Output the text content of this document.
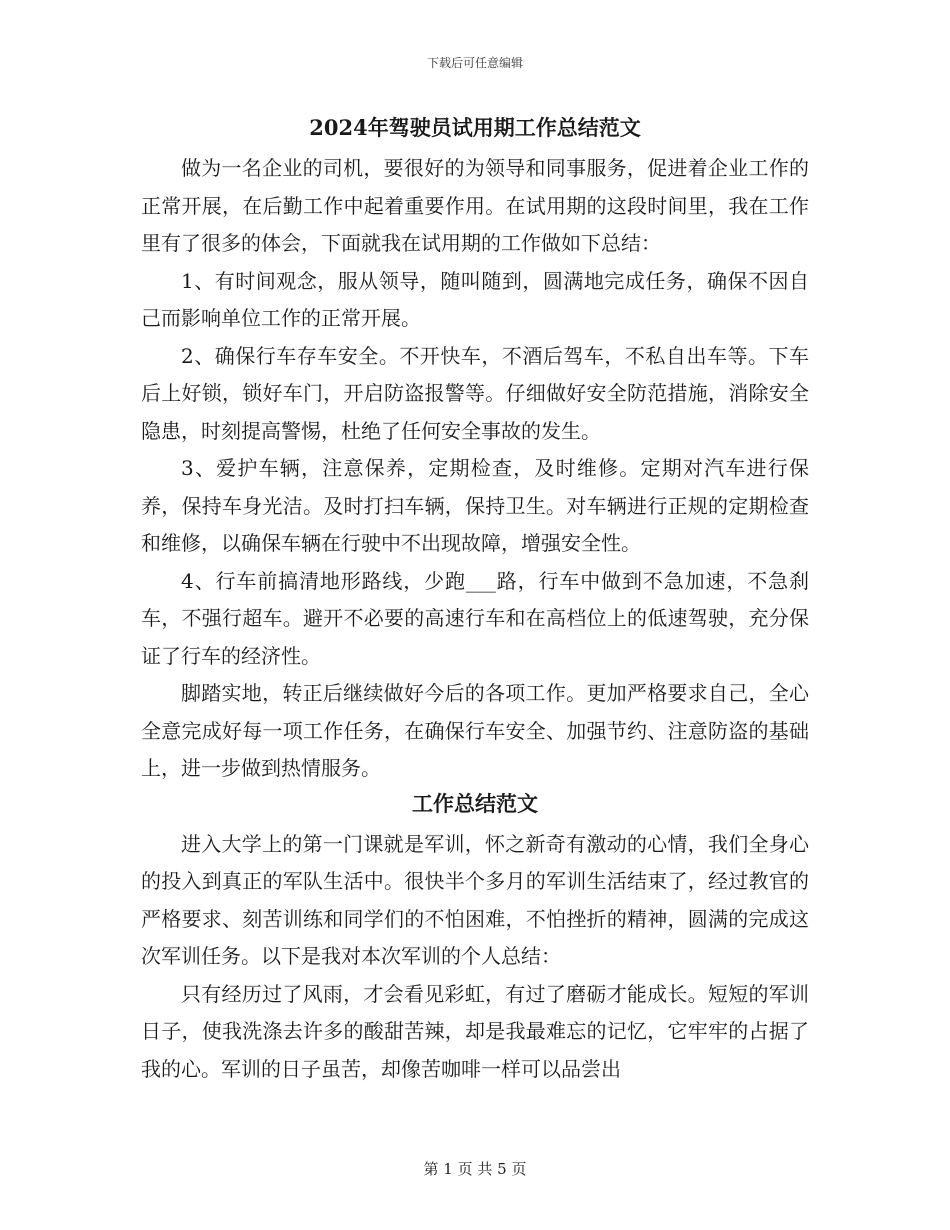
下载后可任意编辑
2024年驾驶员试用期工作总结范文

做为一名企业的司机，要很好的为领导和同事服务，促进着企业工作的正常开展，在后勤工作中起着重要作用。在试用期的这段时间里，我在工作里有了很多的体会，下面就我在试用期的工作做如下总结：

1、有时间观念，服从领导，随叫随到，圆满地完成任务，确保不因自己而影响单位工作的正常开展。

2、确保行车存车安全。不开快车，不酒后驾车，不私自出车等。下车后上好锁，锁好车门，开启防盗报警等。仔细做好安全防范措施，消除安全隐患，时刻提高警惕，杜绝了任何安全事故的发生。

3、爱护车辆，注意保养，定期检查，及时维修。定期对汽车进行保养，保持车身光洁。及时打扫车辆，保持卫生。对车辆进行正规的定期检查和维修，以确保车辆在行驶中不出现故障，增强安全性。

4、行车前搞清地形路线，少跑___路，行车中做到不急加速，不急刹车，不强行超车。避开不必要的高速行车和在高档位上的低速驾驶，充分保证了行车的经济性。

脚踏实地，转正后继续做好今后的各项工作。更加严格要求自己，全心全意完成好每一项工作任务，在确保行车安全、加强节约、注意防盗的基础上，进一步做到热情服务。

工作总结范文

进入大学上的第一门课就是军训，怀之新奇有激动的心情，我们全身心的投入到真正的军队生活中。很快半个多月的军训生活结束了，经过教官的严格要求、刻苦训练和同学们的不怕困难，不怕挫折的精神，圆满的完成这次军训任务。以下是我对本次军训的个人总结：

只有经历过了风雨，才会看见彩虹，有过了磨砺才能成长。短短的军训日子，使我洗涤去许多的酸甜苦辣，却是我最难忘的记忆，它牢牢的占据了我的心。军训的日子虽苦，却像苦咖啡一样可以品尝出

第 1 页 共 5 页
